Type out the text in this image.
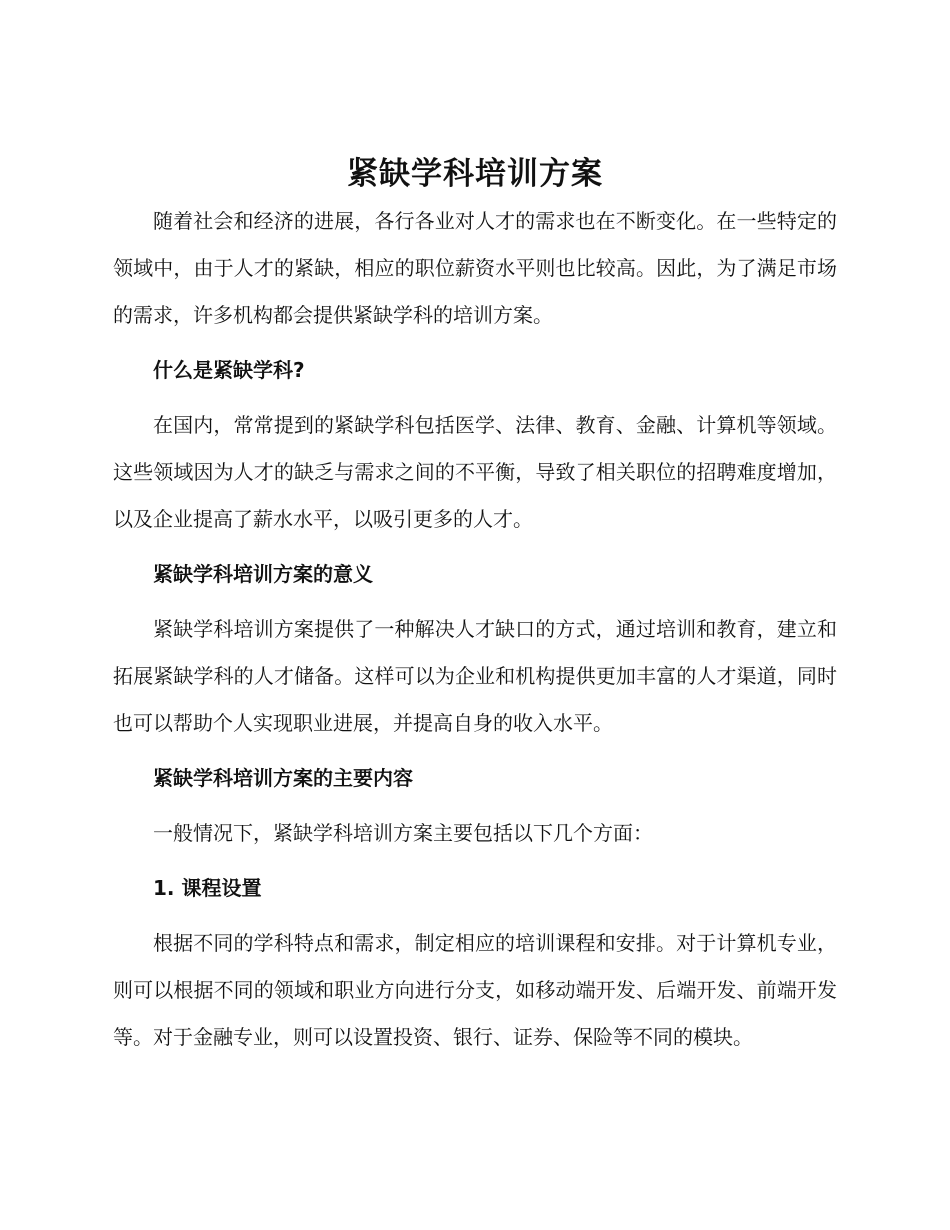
紧缺学科培训方案

随着社会和经济的进展，各行各业对人才的需求也在不断变化。在一些特定的领域中，由于人才的紧缺，相应的职位薪资水平则也比较高。因此，为了满足市场的需求，许多机构都会提供紧缺学科的培训方案。

什么是紧缺学科?

在国内，常常提到的紧缺学科包括医学、法律、教育、金融、计算机等领域。这些领域因为人才的缺乏与需求之间的不平衡，导致了相关职位的招聘难度增加，以及企业提高了薪水水平，以吸引更多的人才。

紧缺学科培训方案的意义

紧缺学科培训方案提供了一种解决人才缺口的方式，通过培训和教育，建立和拓展紧缺学科的人才储备。这样可以为企业和机构提供更加丰富的人才渠道，同时也可以帮助个人实现职业进展，并提高自身的收入水平。

紧缺学科培训方案的主要内容

一般情况下，紧缺学科培训方案主要包括以下几个方面：

1. 课程设置

根据不同的学科特点和需求，制定相应的培训课程和安排。对于计算机专业，则可以根据不同的领域和职业方向进行分支，如移动端开发、后端开发、前端开发等。对于金融专业，则可以设置投资、银行、证券、保险等不同的模块。
